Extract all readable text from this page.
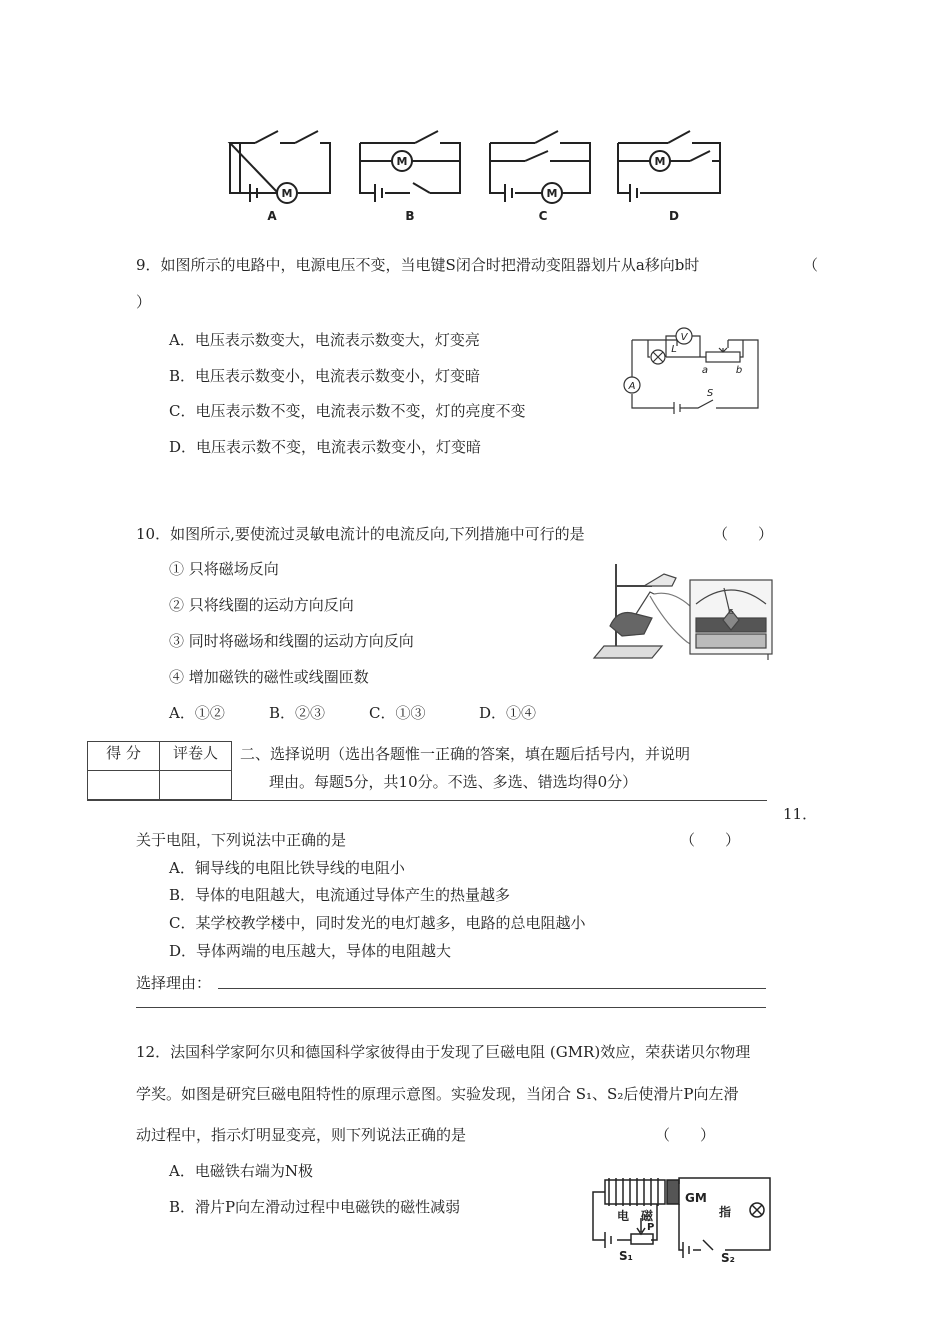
M
M
M
M
A	B	C	D
9．如图所示的电路中，电源电压不变，当电键S闭合时把滑动变阻器划片从a移向b时	（
）
A．电压表示数变大，电流表示数变大，灯变亮
B．电压表示数变小，电流表示数变小，灯变暗
C．电压表示数不变，电流表示数不变，灯的亮度不变
D．电压表示数不变，电流表示数变小，灯变暗
V
A
L
a	b
S
10．如图所示,要使流过灵敏电流计的电流反向,下列措施中可行的是	（　　）
① 只将磁场反向
② 只将线圈的运动方向反向
③ 同时将磁场和线圈的运动方向反向
④ 增加磁铁的磁性或线圈匝数
A．①②	B．②③	C．①③	D．①④
G
得 分	评卷人
	二、选择说明（选出各题惟一正确的答案，填在题后括号内，并说明
理由。每题5分，共10分。不选、多选、错选均得0分）
11．
关于电阻，下列说法中正确的是	（　　）
A．铜导线的电阻比铁导线的电阻小
B．导体的电阻越大，电流通过导体产生的热量越多
C．某学校教学楼中，同时发光的电灯越多，电路的总电阻越小
D．导体两端的电压越大，导体的电阻越大
选择理由：
12．法国科学家阿尔贝和德国科学家彼得由于发现了巨磁电阻 (GMR)效应，荣获诺贝尔物理
学奖。如图是研究巨磁电阻特性的原理示意图。实验发现，当闭合 S₁、S₂后使滑片P向左滑
动过程中，指示灯明显变亮，则下列说法正确的是	（　　）
A．电磁铁右端为N极
B．滑片P向左滑动过程中电磁铁的磁性减弱	电　磁
GM
指
P
S₁	S₂
